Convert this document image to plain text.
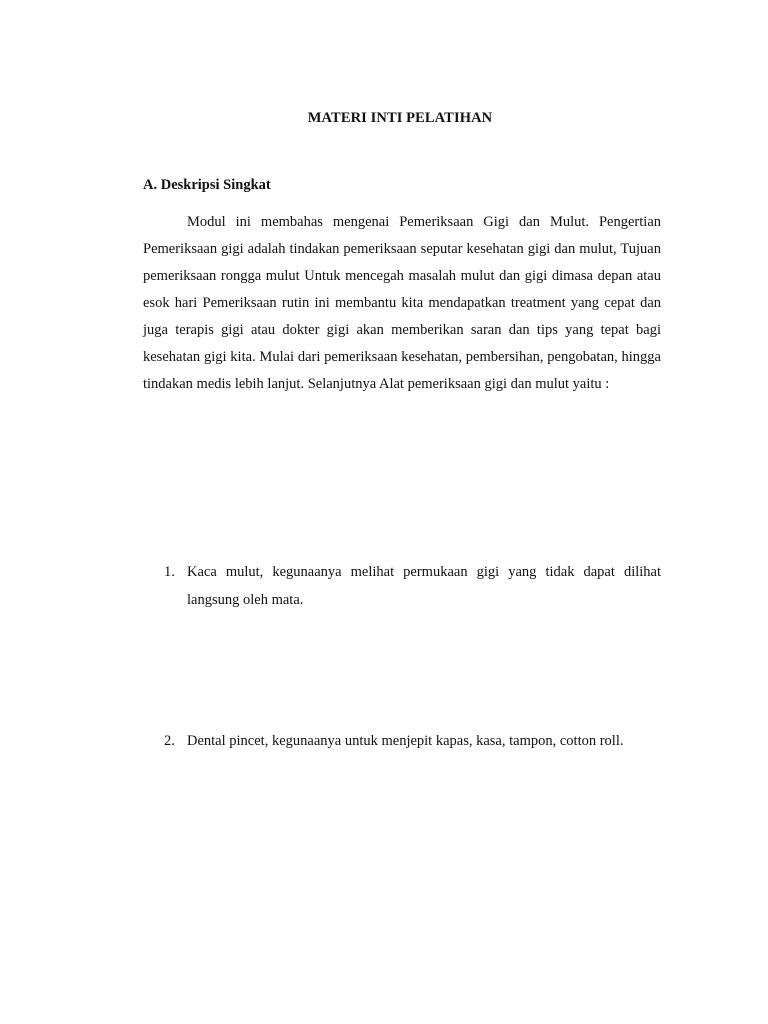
MATERI INTI PELATIHAN
A. Deskripsi Singkat

Modul ini membahas mengenai Pemeriksaan Gigi dan Mulut. Pengertian Pemeriksaan gigi adalah tindakan pemeriksaan seputar kesehatan gigi dan mulut, Tujuan pemeriksaan rongga mulut Untuk mencegah masalah mulut dan gigi dimasa depan atau esok hari Pemeriksaan rutin ini membantu kita mendapatkan treatment yang cepat dan juga terapis gigi atau dokter gigi akan memberikan saran dan tips yang tepat bagi kesehatan gigi kita. Mulai dari pemeriksaan kesehatan, pembersihan, pengobatan, hingga tindakan medis lebih lanjut. Selanjutnya Alat pemeriksaan gigi dan mulut yaitu :

1. Kaca mulut, kegunaanya melihat permukaan gigi yang tidak dapat dilihat langsung oleh mata.
2. Dental pincet, kegunaanya untuk menjepit kapas, kasa, tampon, cotton roll.
